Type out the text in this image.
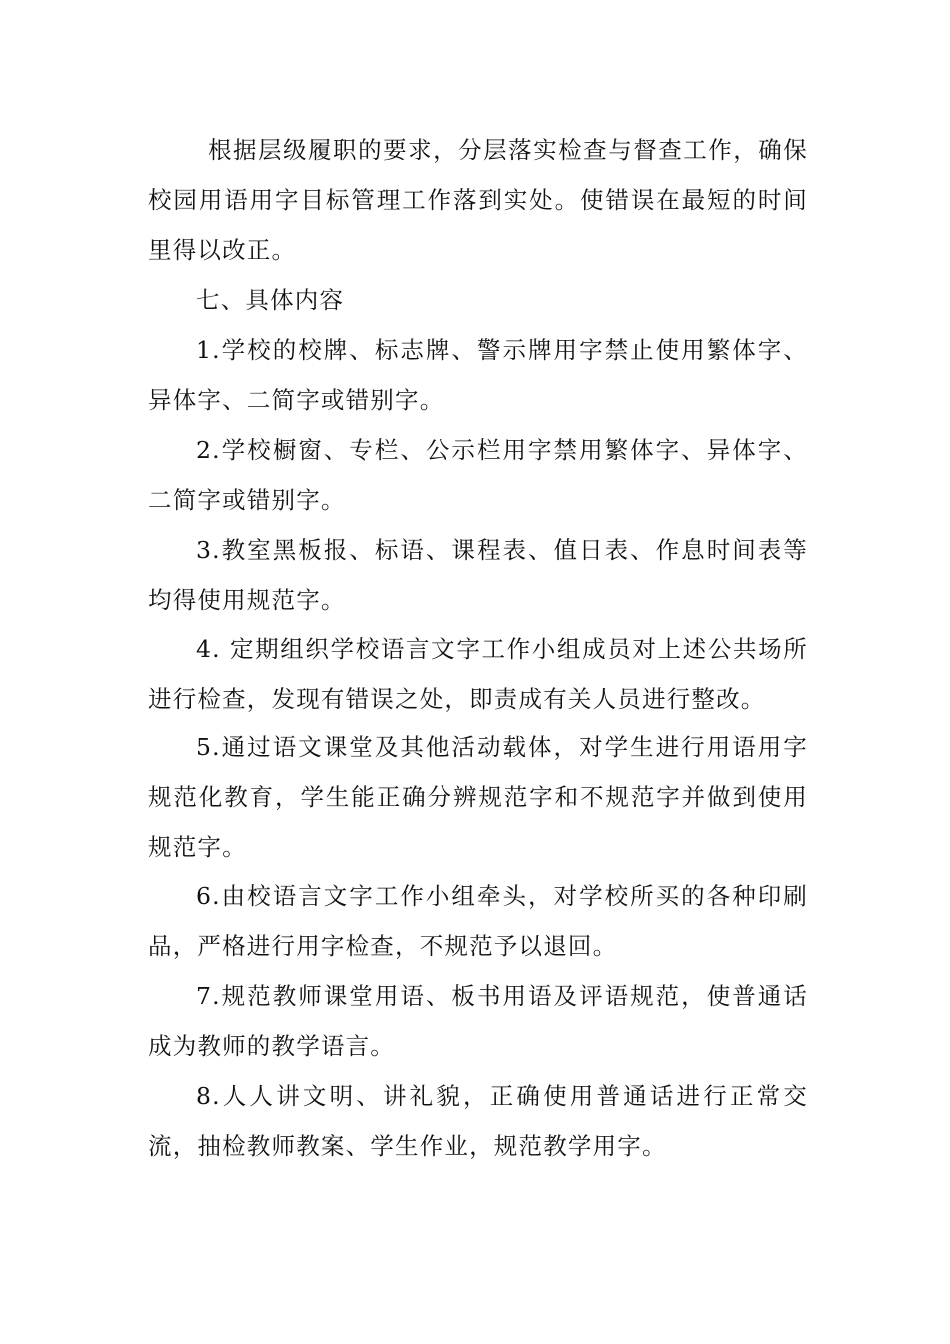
根据层级履职的要求，分层落实检查与督查工作，确保校园用语用字目标管理工作落到实处。使错误在最短的时间里得以改正。

七、具体内容

1.学校的校牌、标志牌、警示牌用字禁止使用繁体字、异体字、二简字或错别字。

2.学校橱窗、专栏、公示栏用字禁用繁体字、异体字、二简字或错别字。

3.教室黑板报、标语、课程表、值日表、作息时间表等均得使用规范字。

4. 定期组织学校语言文字工作小组成员对上述公共场所进行检查，发现有错误之处，即责成有关人员进行整改。

5.通过语文课堂及其他活动载体，对学生进行用语用字规范化教育，学生能正确分辨规范字和不规范字并做到使用规范字。

6.由校语言文字工作小组牵头，对学校所买的各种印刷品，严格进行用字检查，不规范予以退回。

7.规范教师课堂用语、板书用语及评语规范，使普通话成为教师的教学语言。

8.人人讲文明、讲礼貌，正确使用普通话进行正常交流，抽检教师教案、学生作业，规范教学用字。
